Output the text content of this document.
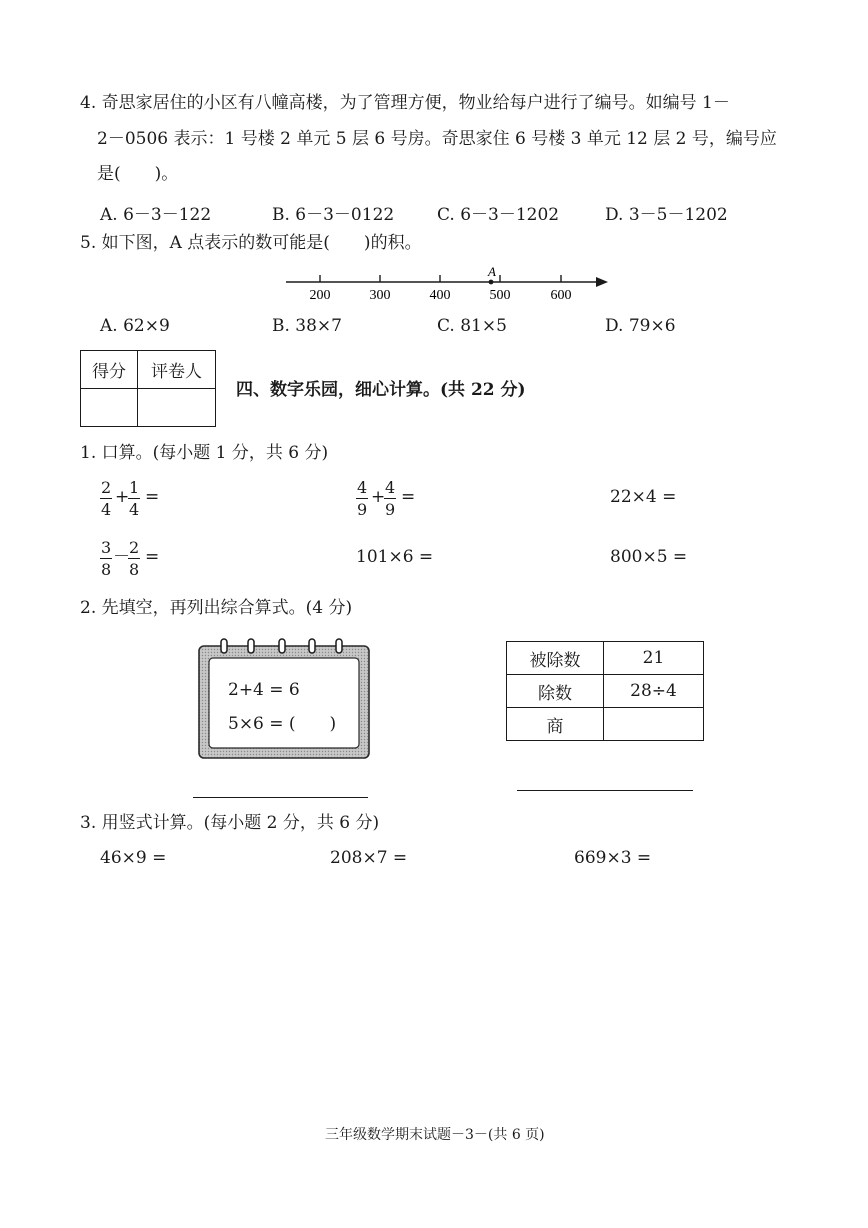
4. 奇思家居住的小区有八幢高楼，为了管理方便，物业给每户进行了编号。如编号 1－
2－0506 表示：1 号楼 2 单元 5 层 6 号房。奇思家住 6 号楼 3 单元 12 层 2 号，编号应
是(　　)。
A. 6－3－122	B. 6－3－0122	C. 6－3－1202	D. 3－5－1202
5. 如下图，A 点表示的数可能是(　　)的积。
A
200	300	400	500	600
A. 62×9	B. 38×7	C. 81×5	D. 79×6
得分	评卷人

四、数字乐园，细心计算。(共 22 分)
1. 口算。(每小题 1 分，共 6 分)
$\frac{2}{4}$ +
$\frac{1}{4}$ =	$\frac{4}{9}$ +
$\frac{4}{9}$ =	22×4 =
$\frac{3}{8}$ －
$\frac{2}{8}$ =	101×6 =	800×5 =
2. 先填空，再列出综合算式。(4 分)
2+4 = 6
5×6 = (　　)
被除数	21
除数	28÷4
商	
3. 用竖式计算。(每小题 2 分，共 6 分)
46×9 =	208×7 =	669×3 =
三年级数学期末试题－3－(共 6 页)
